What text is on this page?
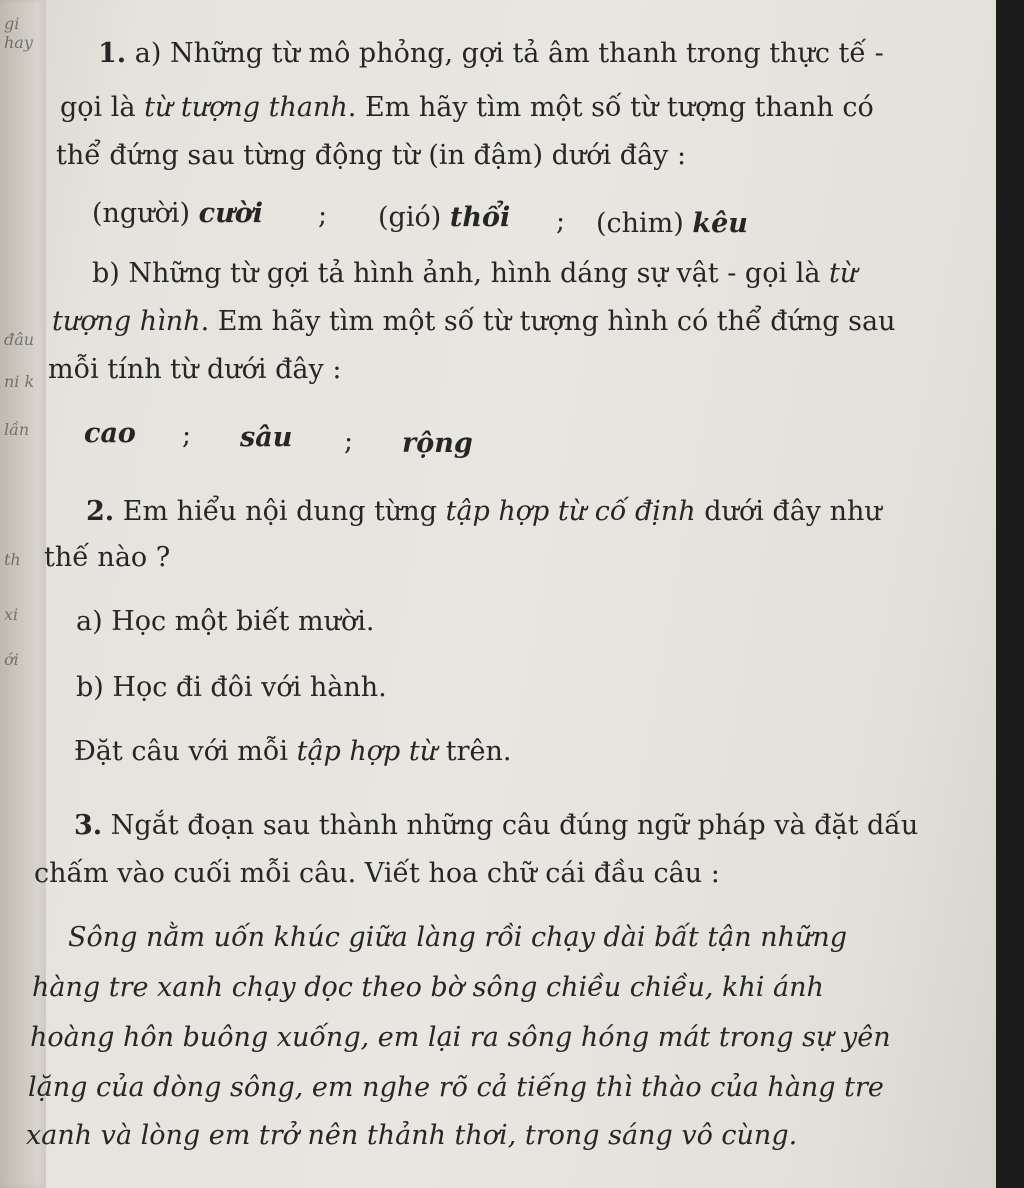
gi hay
đâu
ni k
lần
th
xi
ới
1. a) Những từ mô phỏng, gợi tả âm thanh trong thực tế -
gọi là từ tượng thanh. Em hãy tìm một số từ tượng thanh có
thể đứng sau từng động từ (in đậm) dưới đây :
(người) cười ; (gió) thổi ; (chim) kêu
b) Những từ gợi tả hình ảnh, hình dáng sự vật - gọi là từ
tượng hình. Em hãy tìm một số từ tượng hình có thể đứng sau
mỗi tính từ dưới đây :
cao ; sâu ; rộng
2. Em hiểu nội dung từng tập hợp từ cố định dưới đây như
thế nào ?
a) Học một biết mười.
b) Học đi đôi với hành.
Đặt câu với mỗi tập hợp từ trên.
3. Ngắt đoạn sau thành những câu đúng ngữ pháp và đặt dấu
chấm vào cuối mỗi câu. Viết hoa chữ cái đầu câu :
Sông nằm uốn khúc giữa làng rồi chạy dài bất tận những
hàng tre xanh chạy dọc theo bờ sông chiều chiều, khi ánh
hoàng hôn buông xuống, em lại ra sông hóng mát trong sự yên
lặng của dòng sông, em nghe rõ cả tiếng thì thào của hàng tre
xanh và lòng em trở nên thảnh thơi, trong sáng vô cùng.
